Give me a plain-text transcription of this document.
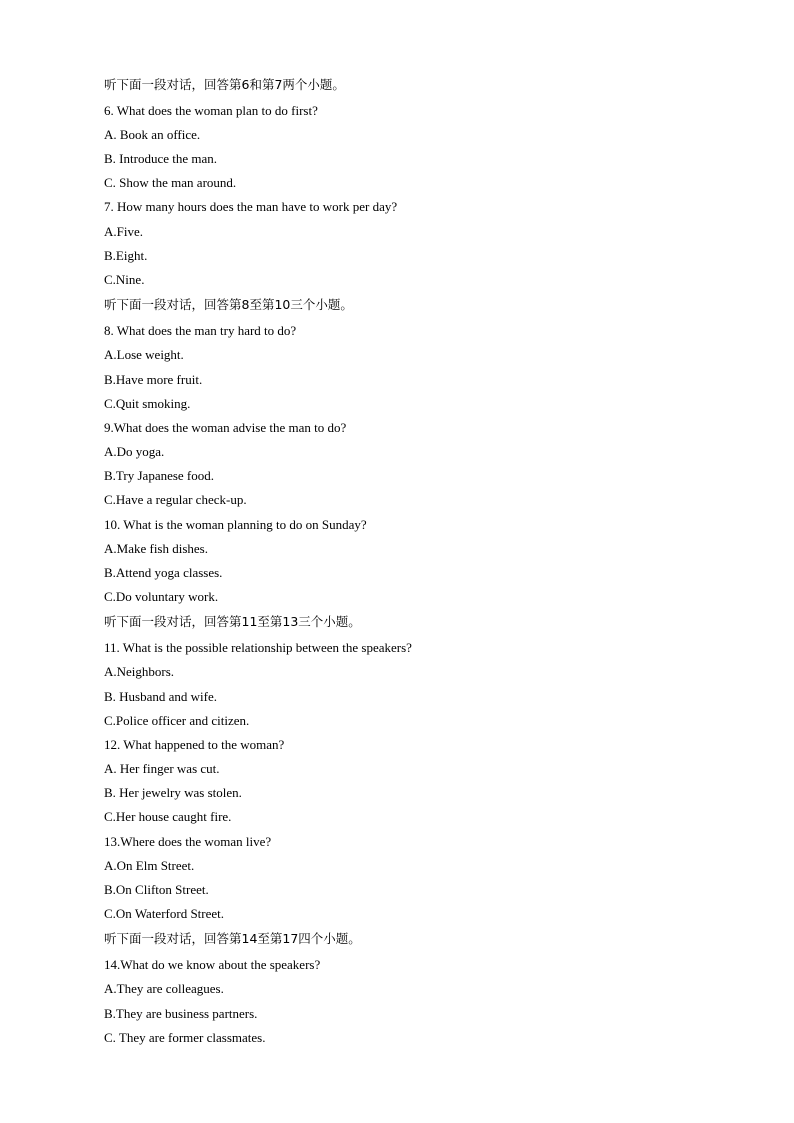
听下面一段对话，回答第6和第7两个小题。
6. What does the woman plan to do first?
A. Book an office.
B. Introduce the man.
C. Show the man around.
7. How many hours does the man have to work per day?
A.Five.
B.Eight.
C.Nine.
听下面一段对话，回答第8至第10三个小题。
8. What does the man try hard to do?
A.Lose weight.
B.Have more fruit.
C.Quit smoking.
9.What does the woman advise the man to do?
A.Do yoga.
B.Try Japanese food.
C.Have a regular check-up.
10. What is the woman planning to do on Sunday?
A.Make fish dishes.
B.Attend yoga classes.
C.Do voluntary work.
听下面一段对话，回答第11至第13三个小题。
11. What is the possible relationship between the speakers?
A.Neighbors.
B. Husband and wife.
C.Police officer and citizen.
12. What happened to the woman?
A. Her finger was cut.
B. Her jewelry was stolen.
C.Her house caught fire.
13.Where does the woman live?
A.On Elm Street.
B.On Clifton Street.
C.On Waterford Street.
听下面一段对话，回答第14至第17四个小题。
14.What do we know about the speakers?
A.They are colleagues.
B.They are business partners.
C. They are former classmates.
